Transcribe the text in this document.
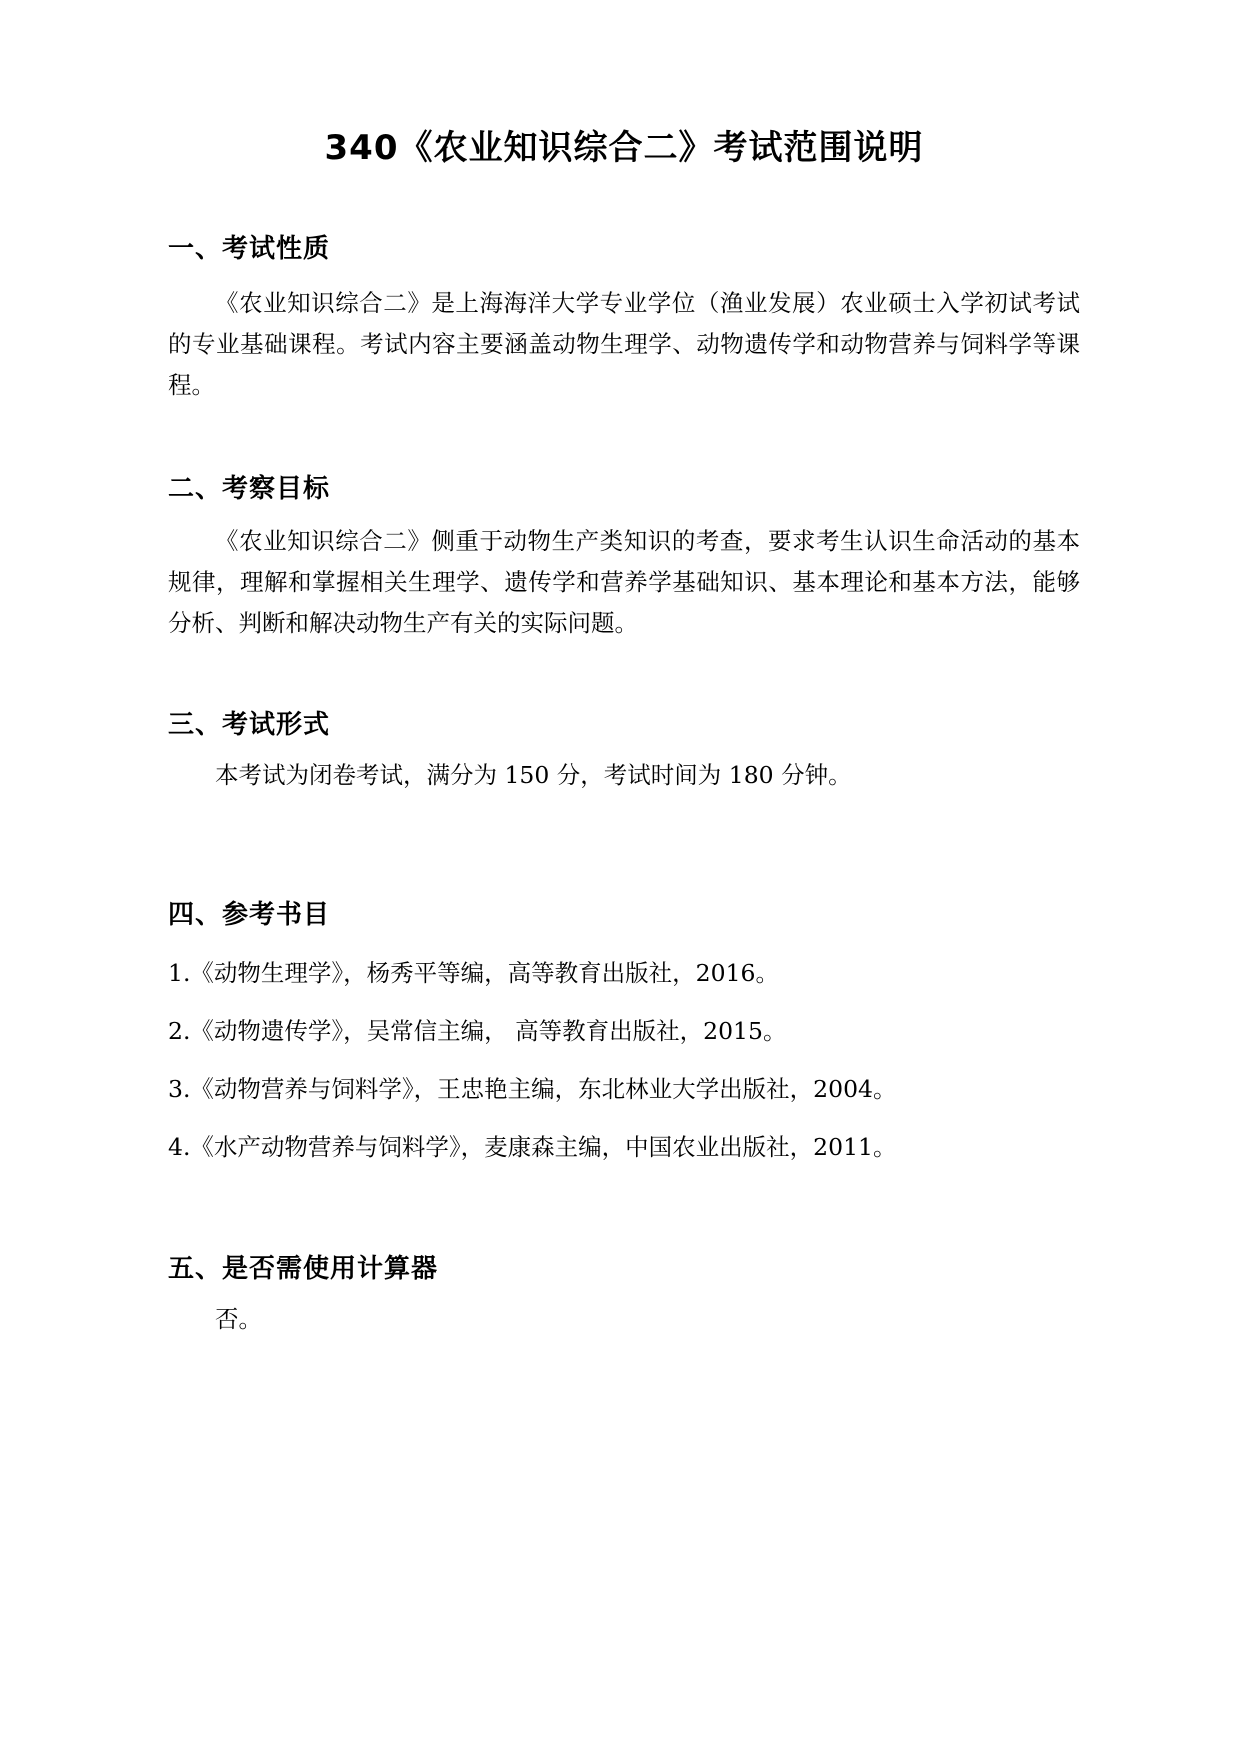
340《农业知识综合二》考试范围说明
一、考试性质

《农业知识综合二》是上海海洋大学专业学位（渔业发展）农业硕士入学初试考试的专业基础课程。考试内容主要涵盖动物生理学、动物遗传学和动物营养与饲料学等课程。

二、考察目标

《农业知识综合二》侧重于动物生产类知识的考查，要求考生认识生命活动的基本规律，理解和掌握相关生理学、遗传学和营养学基础知识、基本理论和基本方法，能够分析、判断和解决动物生产有关的实际问题。

三、考试形式

本考试为闭卷考试，满分为 150 分，考试时间为 180 分钟。

四、参考书目
1.《动物生理学》，杨秀平等编，高等教育出版社，2016。
2.《动物遗传学》，吴常信主编， 高等教育出版社，2015。
3.《动物营养与饲料学》，王忠艳主编，东北林业大学出版社，2004。
4.《水产动物营养与饲料学》，麦康森主编，中国农业出版社，2011。
五、是否需使用计算器

否。
